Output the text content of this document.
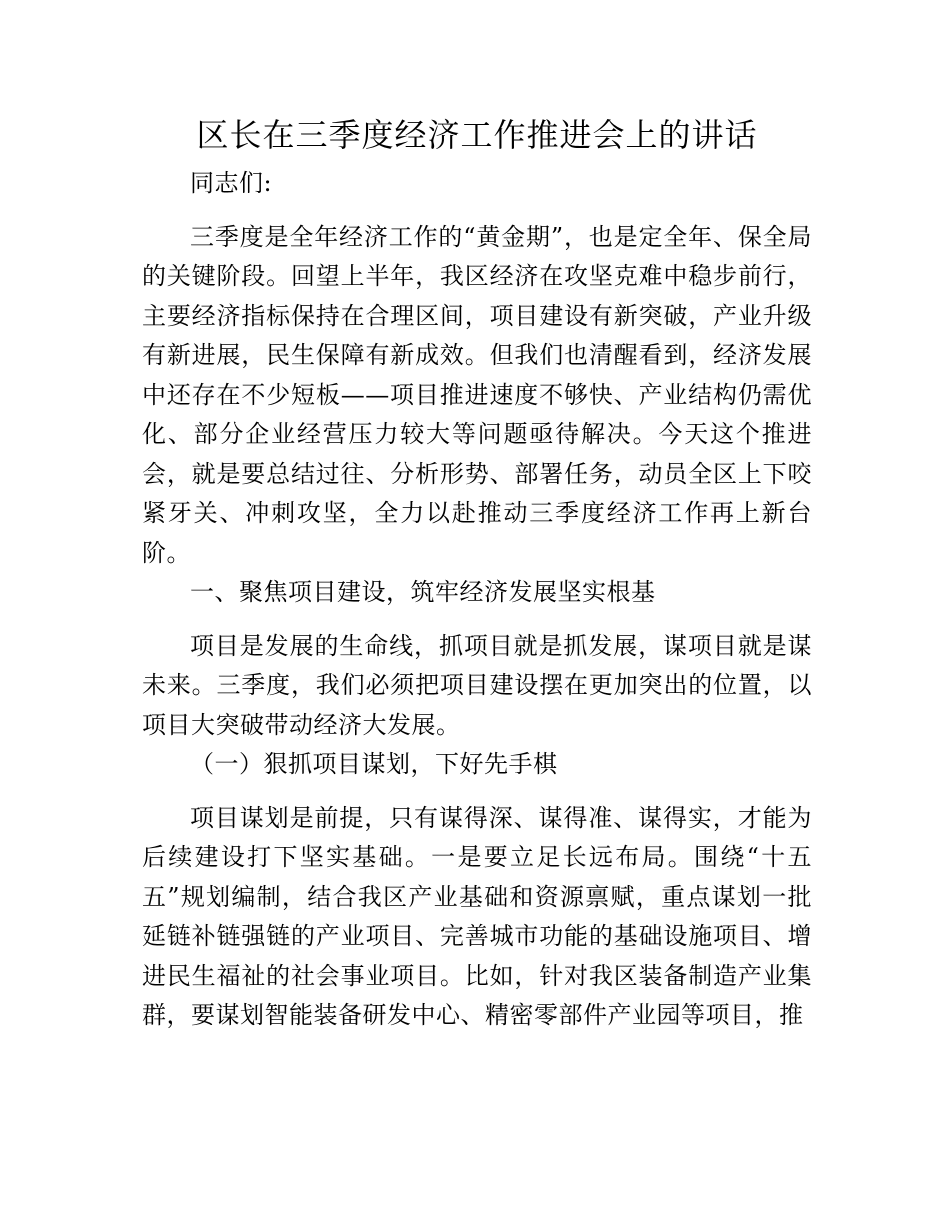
区长在三季度经济工作推进会上的讲话

同志们:

三季度是全年经济工作的“黄金期”，也是定全年、保全局的关键阶段。回望上半年，我区经济在攻坚克难中稳步前行，主要经济指标保持在合理区间，项目建设有新突破，产业升级有新进展，民生保障有新成效。但我们也清醒看到，经济发展中还存在不少短板——项目推进速度不够快、产业结构仍需优化、部分企业经营压力较大等问题亟待解决。今天这个推进会，就是要总结过往、分析形势、部署任务，动员全区上下咬紧牙关、冲刺攻坚，全力以赴推动三季度经济工作再上新台阶。

一、聚焦项目建设，筑牢经济发展坚实根基

项目是发展的生命线，抓项目就是抓发展，谋项目就是谋未来。三季度，我们必须把项目建设摆在更加突出的位置，以项目大突破带动经济大发展。

（一）狠抓项目谋划，下好先手棋

项目谋划是前提，只有谋得深、谋得准、谋得实，才能为后续建设打下坚实基础。一是要立足长远布局。围绕“十五五”规划编制，结合我区产业基础和资源禀赋，重点谋划一批延链补链强链的产业项目、完善城市功能的基础设施项目、增进民生福祉的社会事业项目。比如，针对我区装备制造产业集群，要谋划智能装备研发中心、精密零部件产业园等项目，推
